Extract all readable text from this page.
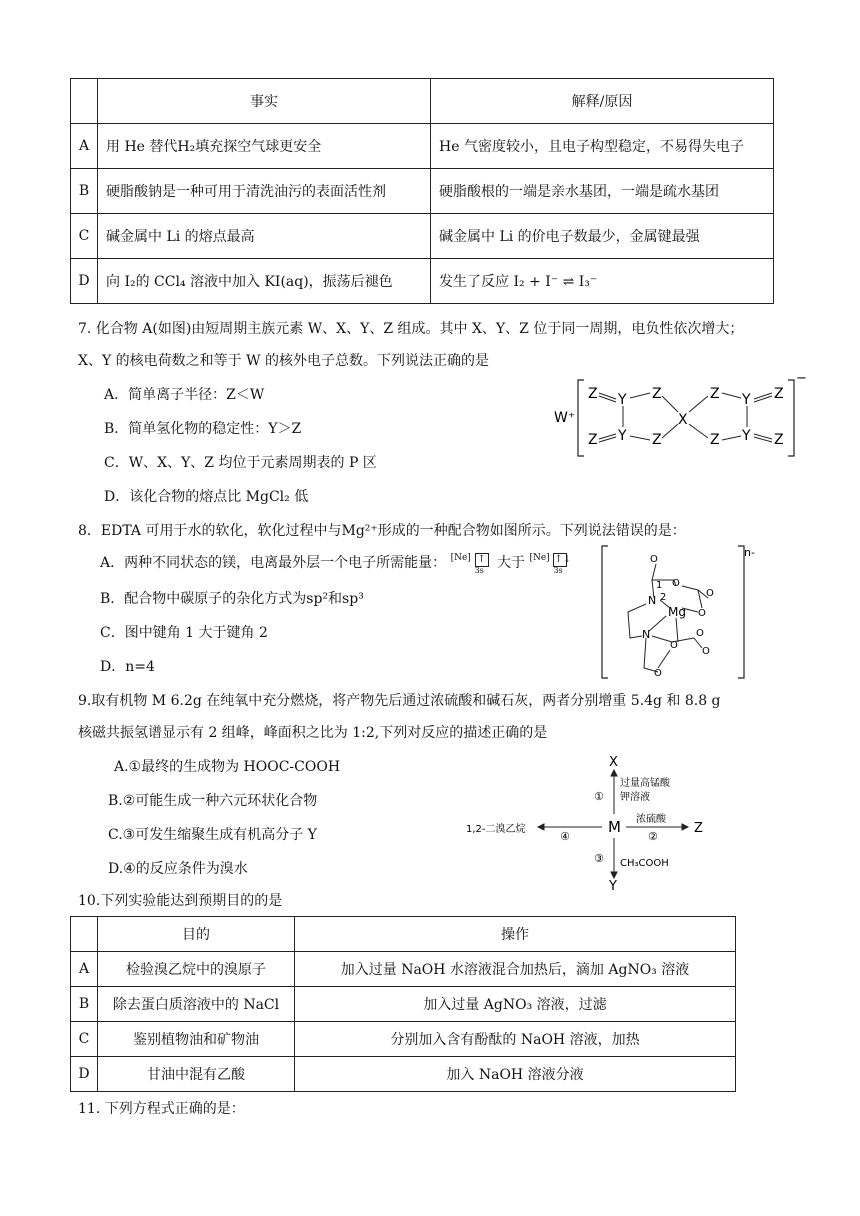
	事实	解释/原因
A	用 He 替代H₂填充探空气球更安全	He 气密度较小，且电子构型稳定，不易得失电子
B	硬脂酸钠是一种可用于清洗油污的表面活性剂	硬脂酸根的一端是亲水基团，一端是疏水基团
C	碱金属中 Li 的熔点最高	碱金属中 Li 的价电子数最少，金属键最强
D	向 I₂的 CCl₄ 溶液中加入 KI(aq)，振荡后褪色	发生了反应 I₂ + I⁻ ⇌ I₃⁻
7. 化合物 A(如图)由短周期主族元素 W、X、Y、Z 组成。其中 X、Y、Z 位于同一周期，电负性依次增大；
X、Y 的核电荷数之和等于 W 的核外电子总数。下列说法正确的是
A．简单离子半径：Z＜W
B．简单氢化物的稳定性：Y＞Z
C．W、X、Y、Z 均位于元素周期表的 P 区
D．该化合物的熔点比 MgCl₂ 低
W⁺
−
Z Y Z
Z Y Z
X
Z Y Z
Z Y Z
8．EDTA 可用于水的软化，软化过程中与Mg²⁺形成的一种配合物如图所示。下列说法错误的是：
A．两种不同状态的镁，电离最外层一个电子所需能量： [Ne] ↑
3s 大于 [Ne] ↑↓
3s
B．配合物中碳原子的杂化方式为sp²和sp³
C．图中键角 1 大于键角 2
D．n=4
n-
Mg
N
N
O
O
O
O
O
O
O
O
1
2
9.取有机物 M 6.2g 在纯氧中充分燃烧，将产物先后通过浓硫酸和碱石灰，两者分别增重 5.4g 和 8.8 g
核磁共振氢谱显示有 2 组峰，峰面积之比为 1:2,下列对反应的描述正确的是
A.①最终的生成物为 HOOC-COOH
B.②可能生成一种六元环状化合物
C.③可发生缩聚生成有机高分子 Y
D.④的反应条件为溴水
M
X
Y
Z
①
过量高锰酸
钾溶液
②
浓硫酸
③ CH₃COOH
④
1,2-二溴乙烷
10.下列实验能达到预期目的的是
	目的	操作
A	检验溴乙烷中的溴原子	加入过量 NaOH 水溶液混合加热后，滴加 AgNO₃ 溶液
B	除去蛋白质溶液中的 NaCl	加入过量 AgNO₃ 溶液，过滤
C	鉴别植物油和矿物油	分别加入含有酚酞的 NaOH 溶液，加热
D	甘油中混有乙酸	加入 NaOH 溶液分液
11. 下列方程式正确的是：
